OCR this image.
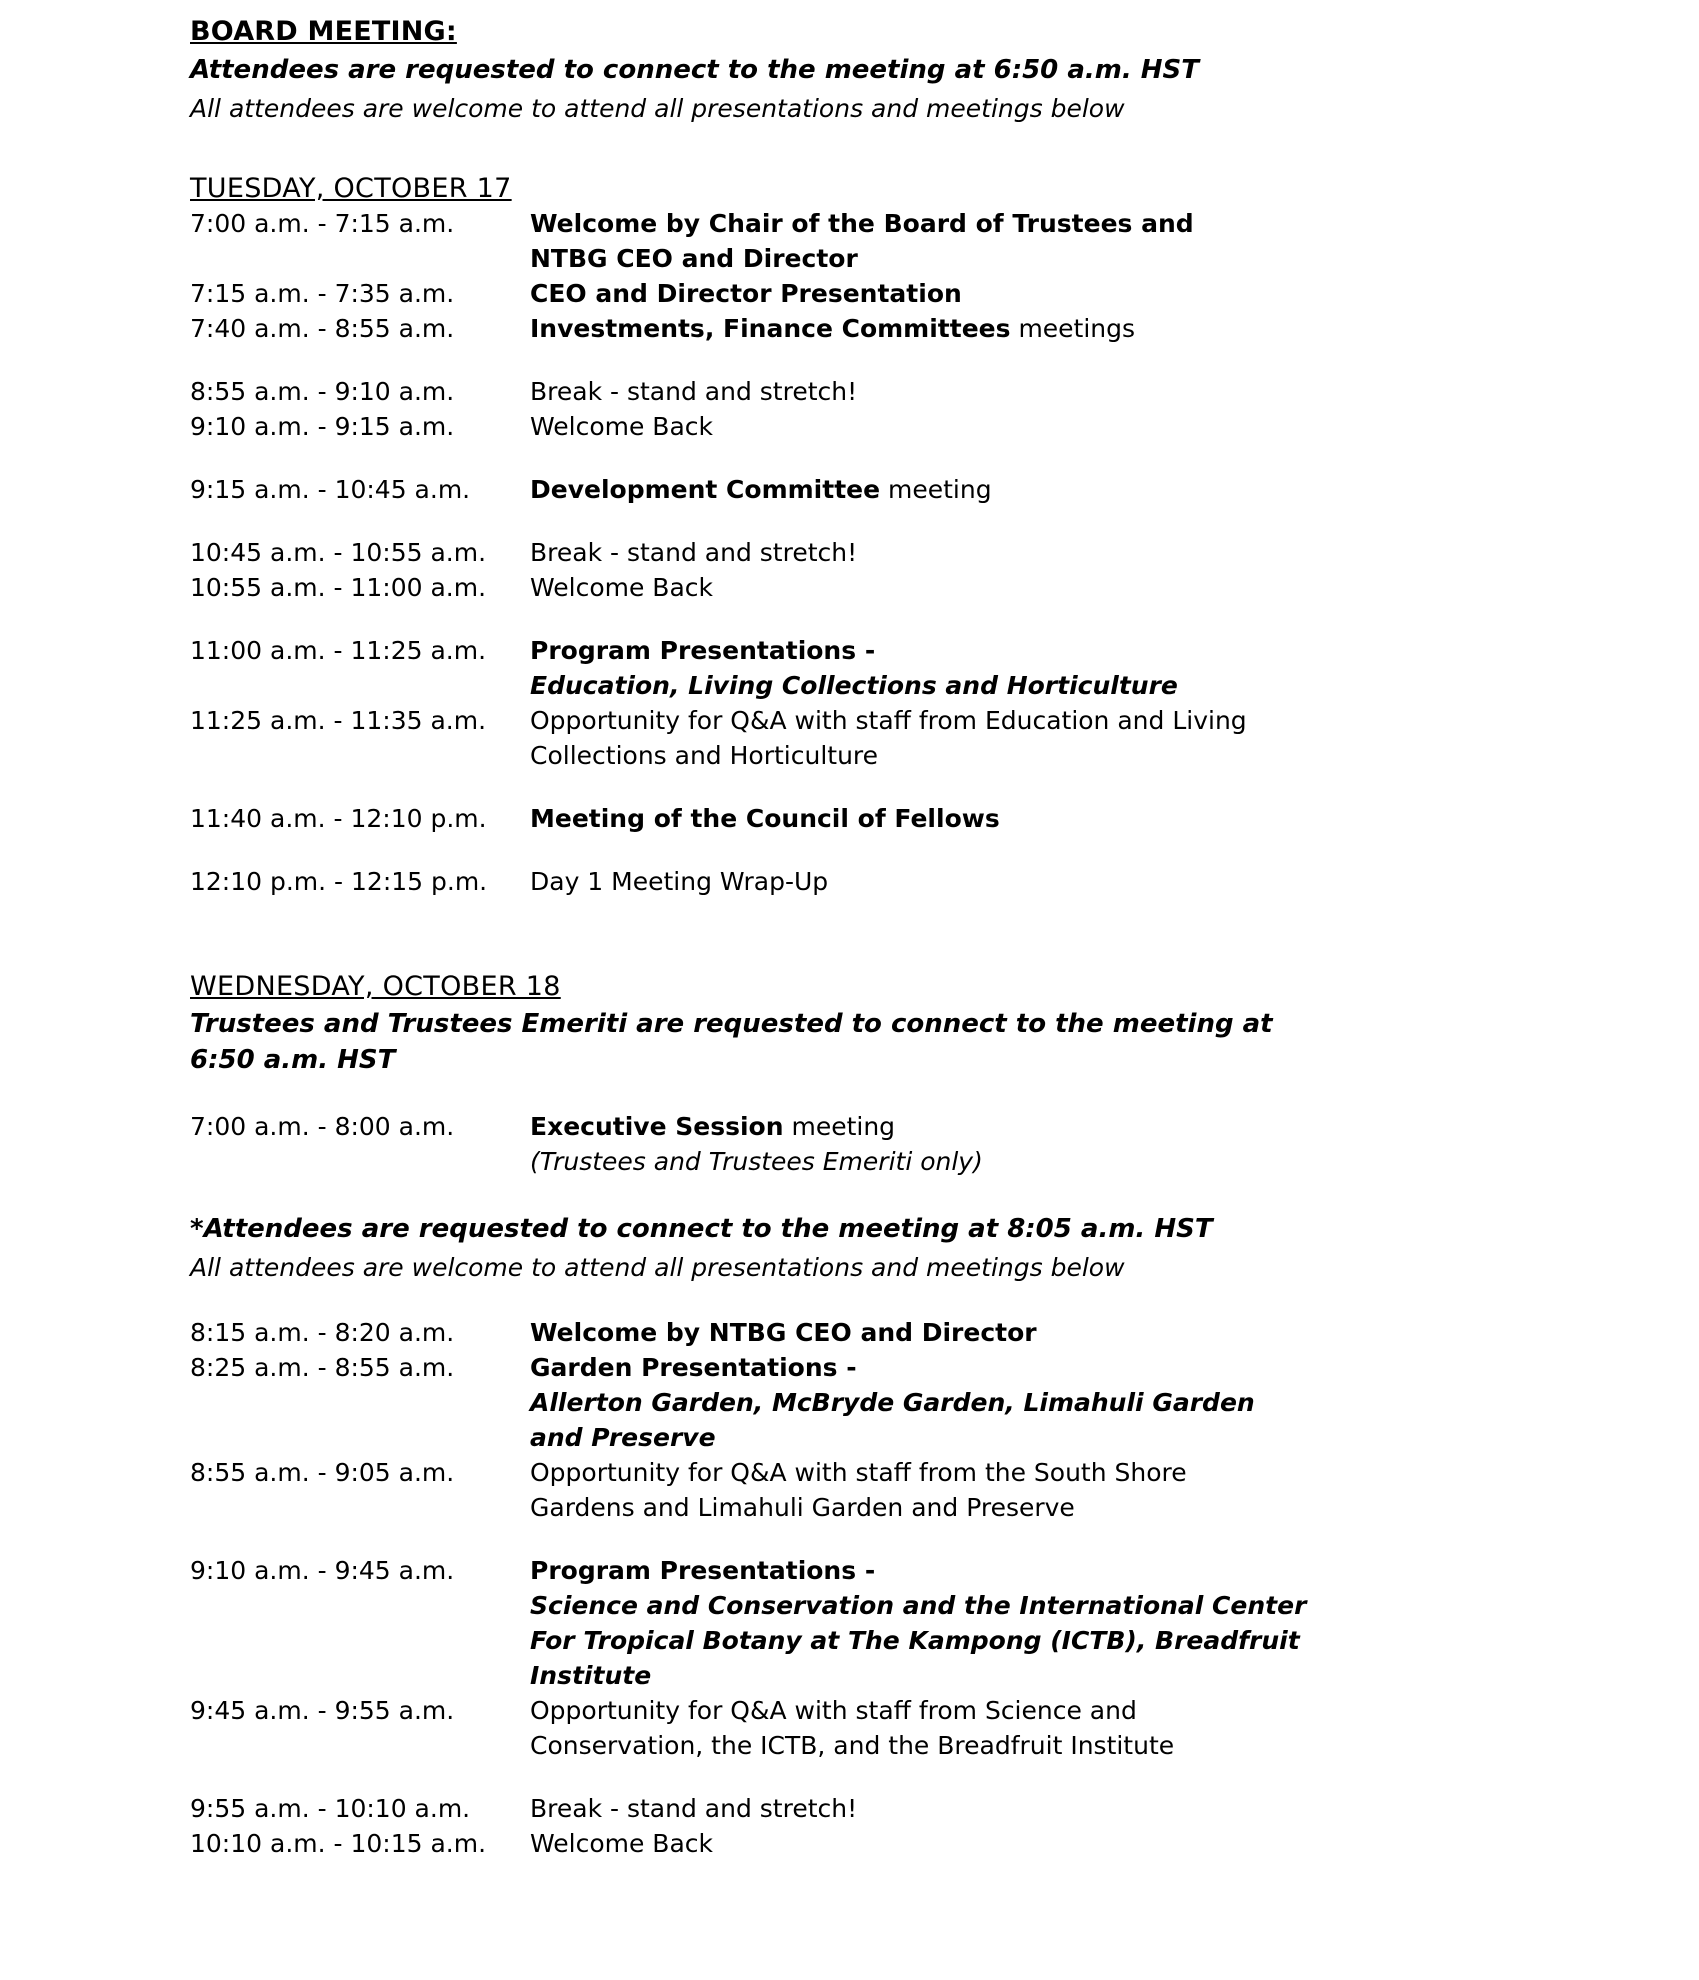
BOARD MEETING:
Attendees are requested to connect to the meeting at 6:50 a.m. HST
All attendees are welcome to attend all presentations and meetings below
TUESDAY, OCTOBER 17
7:00 a.m. - 7:15 a.m.	Welcome by Chair of the Board of Trustees and
NTBG CEO and Director

7:15 a.m. - 7:35 a.m.	CEO and Director Presentation

7:40 a.m. - 8:55 a.m.	Investments, Finance Committees meetings

8:55 a.m. - 9:10 a.m.	Break - stand and stretch!

9:10 a.m. - 9:15 a.m.	Welcome Back

9:15 a.m. - 10:45 a.m.	Development Committee meeting

10:45 a.m. - 10:55 a.m.	Break - stand and stretch!

10:55 a.m. - 11:00 a.m.	Welcome Back

11:00 a.m. - 11:25 a.m.	Program Presentations -
Education, Living Collections and Horticulture

11:25 a.m. - 11:35 a.m.	Opportunity for Q&A with staff from Education and Living
Collections and Horticulture

11:40 a.m. - 12:10 p.m.	Meeting of the Council of Fellows

12:10 p.m. - 12:15 p.m.	Day 1 Meeting Wrap-Up
WEDNESDAY, OCTOBER 18
Trustees and Trustees Emeriti are requested to connect to the meeting at
6:50 a.m. HST
7:00 a.m. - 8:00 a.m.	Executive Session meeting
(Trustees and Trustees Emeriti only)
*Attendees are requested to connect to the meeting at 8:05 a.m. HST
All attendees are welcome to attend all presentations and meetings below
8:15 a.m. - 8:20 a.m.	Welcome by NTBG CEO and Director

8:25 a.m. - 8:55 a.m.	Garden Presentations -
Allerton Garden, McBryde Garden, Limahuli Garden
and Preserve

8:55 a.m. - 9:05 a.m.	Opportunity for Q&A with staff from the South Shore
Gardens and Limahuli Garden and Preserve

9:10 a.m. - 9:45 a.m.	Program Presentations -
Science and Conservation and the International Center
For Tropical Botany at The Kampong (ICTB), Breadfruit
Institute

9:45 a.m. - 9:55 a.m.	Opportunity for Q&A with staff from Science and
Conservation, the ICTB, and the Breadfruit Institute

9:55 a.m. - 10:10 a.m.	Break - stand and stretch!

10:10 a.m. - 10:15 a.m.	Welcome Back
